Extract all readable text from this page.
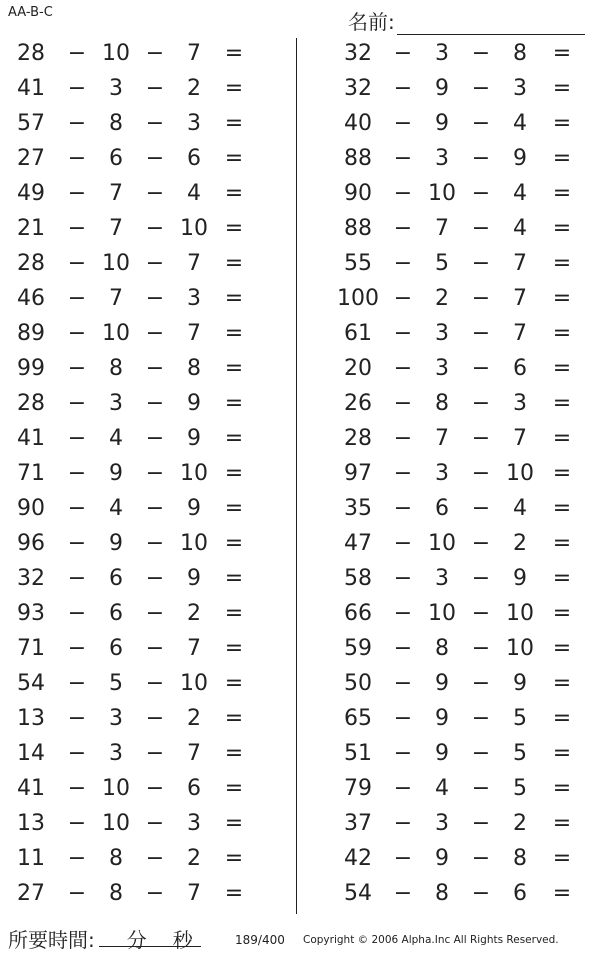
AA-B-C	名前:
28	− 10 −	7	=
41	−	3	−	2	=
57	−	8	−	3	=
27	−	6	−	6	=
49	−	7	−	4	=
21	−	7	− 10 =
28	− 10 −	7	=
46	−	7	−	3	=
89	− 10 −	7	=
99	−	8	−	8	=
28	−	3	−	9	=
41	−	4	−	9	=
71	−	9	− 10 =
90	−	4	−	9	=
96	−	9	− 10 =
32	−	6	−	9	=
93	−	6	−	2	=
71	−	6	−	7	=
54	−	5	− 10 =
13	−	3	−	2	=
14	−	3	−	7	=
41	− 10 −	6	=
13	− 10 −	3	=
11	−	8	−	2	=
27	−	8	−	7	=
32 −	3	−	8	=
32 −	9	−	3	=
40 −	9	−	4	=
88 −	3	−	9	=
90 − 10 −	4	=
88 −	7	−	4	=
55 −	5	−	7	=
100 −	2	−	7	=
61 −	3	−	7	=
20 −	3	−	6	=
26 −	8	−	3	=
28 −	7	−	7	=
97 −	3	− 10 =
35 −	6	−	4	=
47 − 10 −	2	=
58 −	3	−	9	=
66 − 10 − 10 =
59 −	8	− 10 =
50 −	9	−	9	=
65 −	9	−	5	=
51 −	9	−	5	=
79 −	4	−	5	=
37 −	3	−	2	=
42 −	9	−	8	=
54 −	8	−	6	=
所要時間: 分 秒	189/400 Copyright © 2006 Alpha.Inc All Rights Reserved.
